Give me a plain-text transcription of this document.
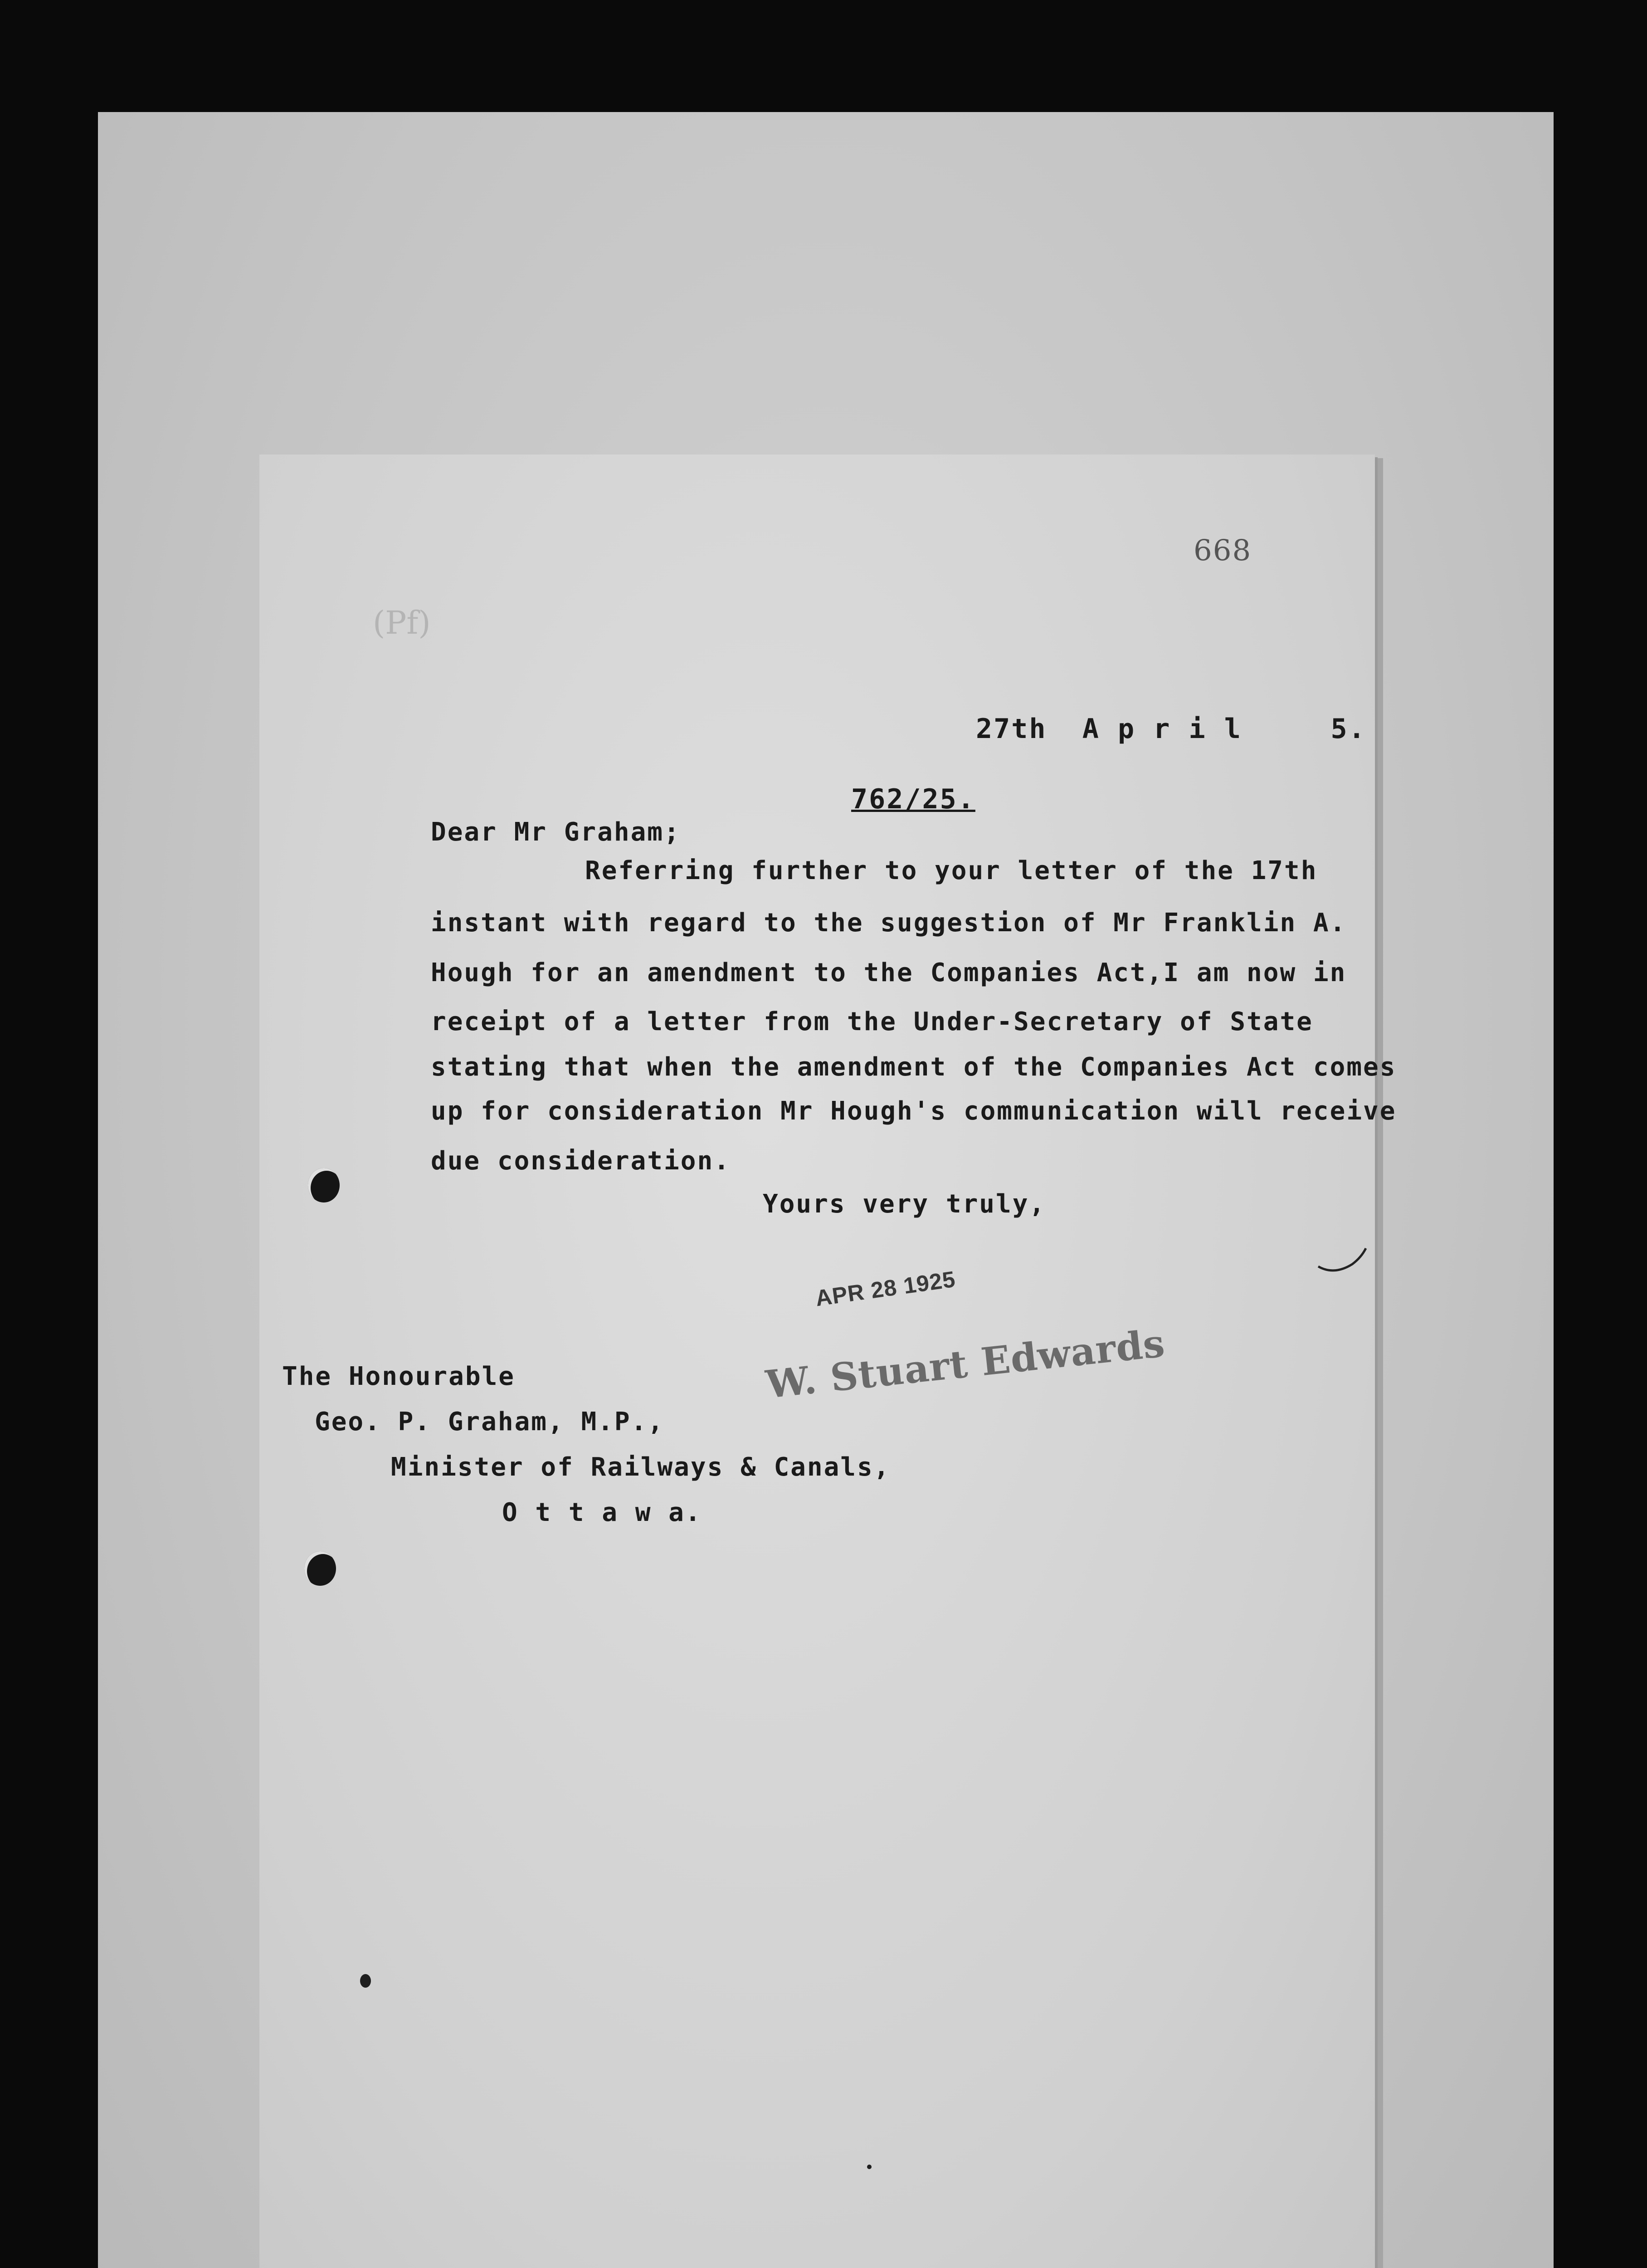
(Pf)
668
27th  A p r i l     5.
762/25.
Dear Mr Graham;
Referring further to your letter of the 17th
instant with regard to the suggestion of Mr Franklin A.
Hough for an amendment to the Companies Act,I am now in
receipt of a letter from the Under-Secretary of State
stating that when the amendment of the Companies Act comes
up for consideration Mr Hough's communication will receive
due consideration.
Yours very truly,
APR 28 1925
W. Stuart Edwards
The Honourable
Geo. P. Graham, M.P.,
Minister of Railways & Canals,
O t t a w a.
